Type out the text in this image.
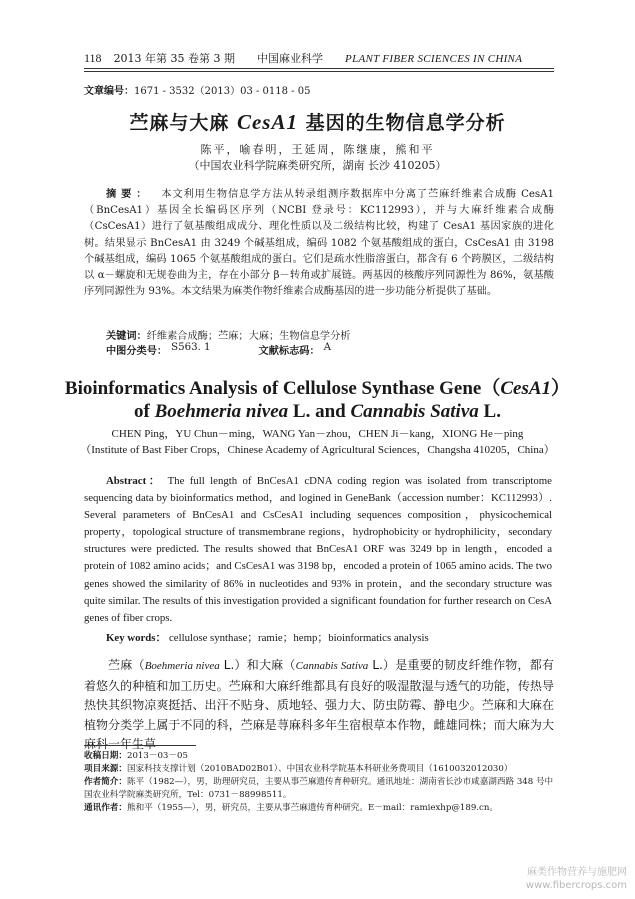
118 2013 年第 35 卷第 3 期 中国麻业科学 PLANT FIBER SCIENCES IN CHINA
文章编号：1671 - 3532（2013）03 - 0118 - 05
苎麻与大麻 CesA1 基因的生物信息学分析
陈平，喻春明，王延周，陈继康，熊和平
（中国农业科学院麻类研究所，湖南 长沙 410205）
摘要： 本文利用生物信息学方法从转录组测序数据库中分离了苎麻纤维素合成酶 CesA1（BnCesA1）基因全长编码区序列（NCBI 登录号：KC112993），并与大麻纤维素合成酶（CsCesA1）进行了氨基酸组成成分、理化性质以及二级结构比较，构建了 CesA1 基因家族的进化树。结果显示 BnCesA1 由 3249 个碱基组成，编码 1082 个氨基酸组成的蛋白，CsCesA1 由 3198 个碱基组成，编码 1065 个氨基酸组成的蛋白。它们是疏水性脂溶蛋白，都含有 6 个跨膜区，二级结构以 α－螺旋和无规卷曲为主，存在小部分 β－转角或扩展链。两基因的核酸序列同源性为 86%，氨基酸序列同源性为 93%。本文结果为麻类作物纤维素合成酶基因的进一步功能分析提供了基础。
关键词：纤维素合成酶；苎麻；大麻；生物信息学分析
中图分类号： S563. 1	文献标志码： A
Bioinformatics Analysis of Cellulose Synthase Gene（CesA1）
of Boehmeria nivea L. and Cannabis Sativa L.
CHEN Ping，YU Chun－ming，WANG Yan－zhou，CHEN Ji－kang，XIONG He－ping
（Institute of Bast Fiber Crops，Chinese Academy of Agricultural Sciences，Changsha 410205，China）
Abstract： The full length of BnCesA1 cDNA coding region was isolated from transcriptome sequencing data by bioinformatics method，and logined in GeneBank（accession number：KC112993）. Several parameters of BnCesA1 and CsCesA1 including sequences composition，physicochemical property，topological structure of transmembrane regions，hydrophobicity or hydrophilicity，secondary structures were predicted. The results showed that BnCesA1 ORF was 3249 bp in length，encoded a protein of 1082 amino acids；and CsCesA1 was 3198 bp，encoded a protein of 1065 amino acids. The two genes showed the similarity of 86% in nucleotides and 93% in protein，and the secondary structure was quite similar. The results of this investigation provided a significant foundation for further research on CesA genes of fiber crops.
Key words： cellulose synthase；ramie；hemp；bioinformatics analysis
苎麻（Boehmeria nivea L.）和大麻（Cannabis Sativa L.）是重要的韧皮纤维作物，都有着悠久的种植和加工历史。苎麻和大麻纤维都具有良好的吸湿散湿与透气的功能，传热导热快其织物凉爽挺括、出汗不贴身、质地轻、强力大、防虫防霉、静电少。苎麻和大麻在植物分类学上属于不同的科，苎麻是荨麻科多年生宿根草本作物，雌雄同株；而大麻为大麻科一年生草
收稿日期：2013－03－05
项目来源：国家科技支撑计划（2010BAD02B01）、中国农业科学院基本科研业务费项目（1610032012030）
作者简介：陈平（1982—），男，助理研究员，主要从事苎麻遗传育种研究。通讯地址：湖南省长沙市咸嘉湖西路 348 号中国农业科学院麻类研究所，Tel：0731－88998511。
通讯作者：熊和平（1955—），男，研究员，主要从事苎麻遗传育种研究。E－mail：ramiexhp@189.cn。
麻类作物营养与施肥网
www.fibercrops.com
